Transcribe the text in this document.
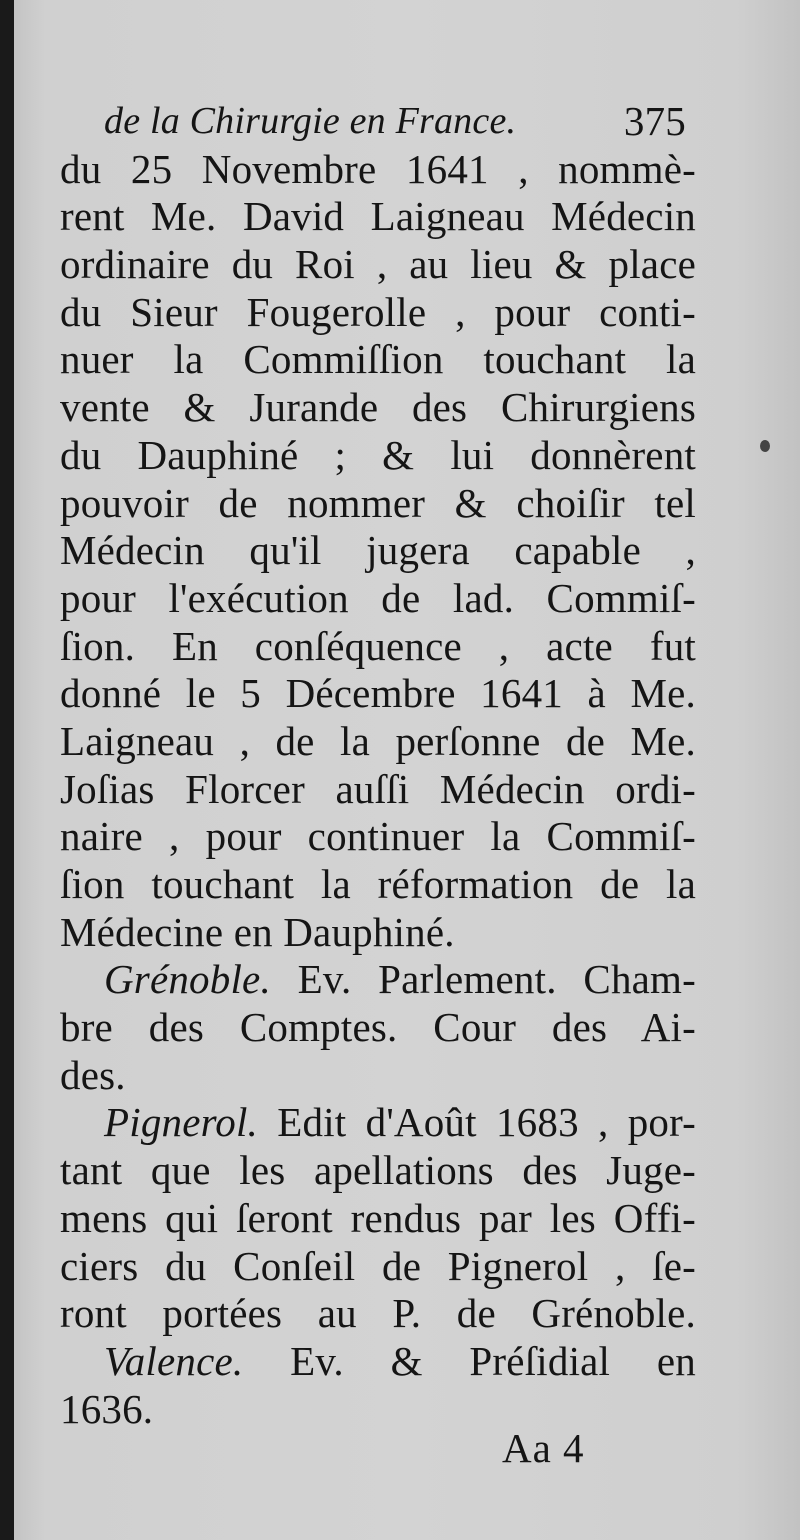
de la Chirurgie en France.	375
du 25 Novembre 1641 , nommè-
rent Me. David Laigneau Médecin
ordinaire du Roi , au lieu & place
du Sieur Fougerolle , pour conti-
nuer la Commiſſion touchant la
vente & Jurande des Chirurgiens
du Dauphiné ; & lui donnèrent
pouvoir de nommer & choiſir tel
Médecin qu'il jugera capable ,
pour l'exécution de lad. Commiſ-
ſion. En conſéquence , acte fut
donné le 5 Décembre 1641 à Me.
Laigneau , de la perſonne de Me.
Joſias Florcer auſſi Médecin ordi-
naire , pour continuer la Commiſ-
ſion touchant la réformation de la
Médecine en Dauphiné.
Grénoble. Ev. Parlement. Cham-
bre des Comptes. Cour des Ai-
des.
Pignerol. Edit d'Août 1683 , por-
tant que les apellations des Juge-
mens qui ſeront rendus par les Offi-
ciers du Conſeil de Pignerol , ſe-
ront portées au P. de Grénoble.
Valence. Ev. & Préſidial en
1636.
Aa 4
